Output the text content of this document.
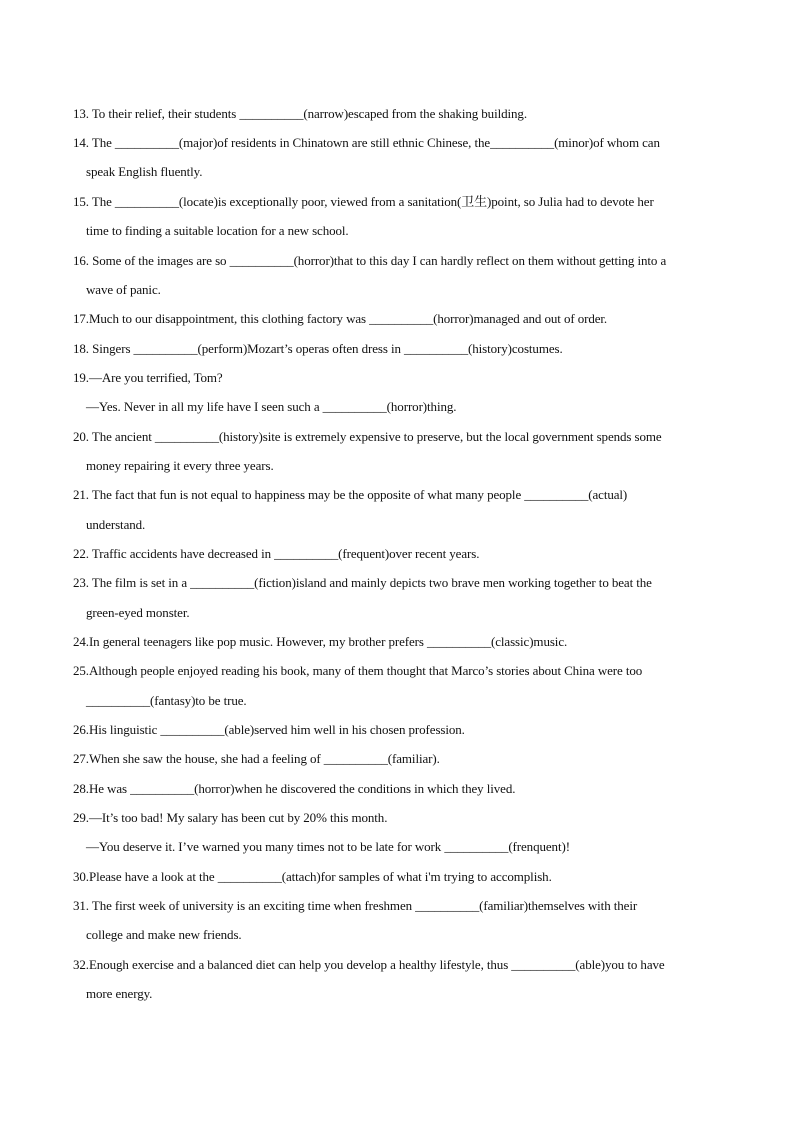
13. To their relief, their students __________(narrow)escaped from the shaking building.
14. The __________(major)of residents in Chinatown are still ethnic Chinese, the__________(minor)of whom can
speak English fluently.
15. The __________(locate)is exceptionally poor, viewed from a sanitation(卫生)point, so Julia had to devote her
time to finding a suitable location for a new school.
16. Some of the images are so __________(horror)that to this day I can hardly reflect on them without getting into a
wave of panic.
17.Much to our disappointment, this clothing factory was __________(horror)managed and out of order.
18. Singers __________(perform)Mozart’s operas often dress in __________(history)costumes.
19.—Are you terrified, Tom?
—Yes. Never in all my life have I seen such a __________(horror)thing.
20. The ancient __________(history)site is extremely expensive to preserve, but the local government spends some
money repairing it every three years.
21. The fact that fun is not equal to happiness may be the opposite of what many people __________(actual)
understand.
22. Traffic accidents have decreased in __________(frequent)over recent years.
23. The film is set in a __________(fiction)island and mainly depicts two brave men working together to beat the
green-eyed monster.
24.In general teenagers like pop music. However, my brother prefers __________(classic)music.
25.Although people enjoyed reading his book, many of them thought that Marco’s stories about China were too
__________(fantasy)to be true.
26.His linguistic __________(able)served him well in his chosen profession.
27.When she saw the house, she had a feeling of __________(familiar).
28.He was __________(horror)when he discovered the conditions in which they lived.
29.—It’s too bad! My salary has been cut by 20% this month.
—You deserve it. I’ve warned you many times not to be late for work __________(frenquent)!
30.Please have a look at the __________(attach)for samples of what i'm trying to accomplish.
31. The first week of university is an exciting time when freshmen __________(familiar)themselves with their
college and make new friends.
32.Enough exercise and a balanced diet can help you develop a healthy lifestyle, thus __________(able)you to have
more energy.
